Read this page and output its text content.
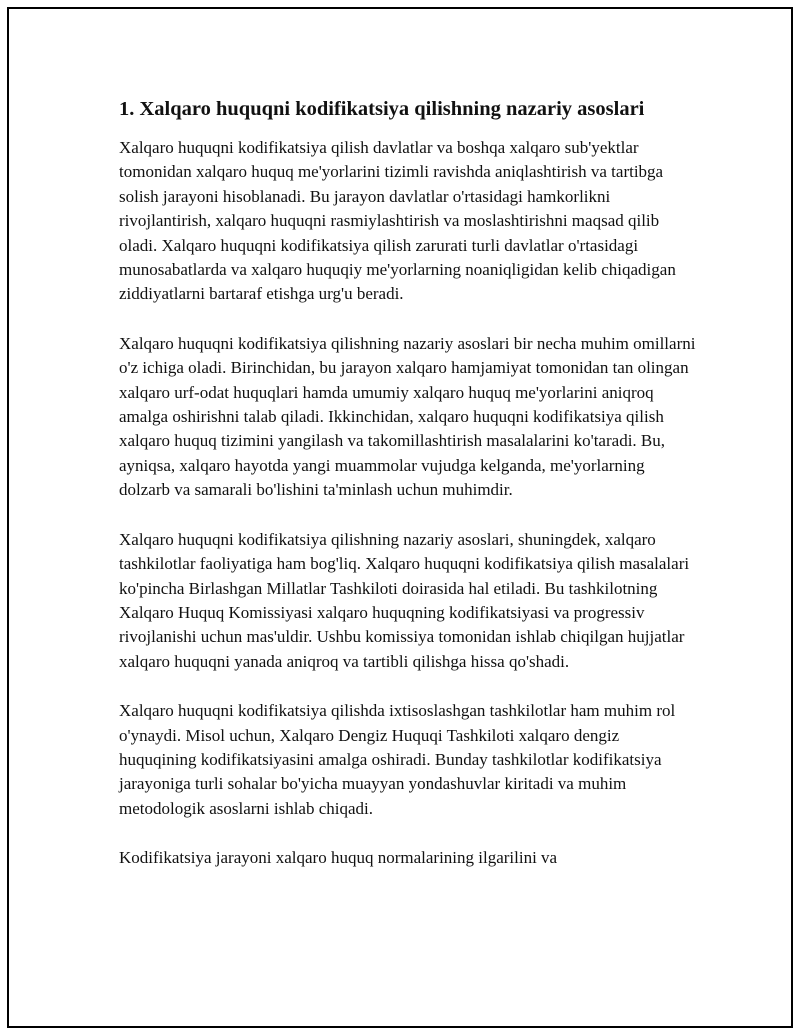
1. Xalqaro huquqni kodifikatsiya qilishning nazariy asoslari

Xalqaro huquqni kodifikatsiya qilish davlatlar va boshqa xalqaro sub'yektlar tomonidan xalqaro huquq me'yorlarini tizimli ravishda aniqlashtirish va tartibga solish jarayoni hisoblanadi. Bu jarayon davlatlar o'rtasidagi hamkorlikni rivojlantirish, xalqaro huquqni rasmiylashtirish va moslashtirishni maqsad qilib oladi. Xalqaro huquqni kodifikatsiya qilish zarurati turli davlatlar o'rtasidagi munosabatlarda va xalqaro huquqiy me'yorlarning noaniqligidan kelib chiqadigan ziddiyatlarni bartaraf etishga urg'u beradi.

Xalqaro huquqni kodifikatsiya qilishning nazariy asoslari bir necha muhim omillarni o'z ichiga oladi. Birinchidan, bu jarayon xalqaro hamjamiyat tomonidan tan olingan xalqaro urf-odat huquqlari hamda umumiy xalqaro huquq me'yorlarini aniqroq amalga oshirishni talab qiladi. Ikkinchidan, xalqaro huquqni kodifikatsiya qilish xalqaro huquq tizimini yangilash va takomillashtirish masalalarini ko'taradi. Bu, ayniqsa, xalqaro hayotda yangi muammolar vujudga kelganda, me'yorlarning dolzarb va samarali bo'lishini ta'minlash uchun muhimdir.

Xalqaro huquqni kodifikatsiya qilishning nazariy asoslari, shuningdek, xalqaro tashkilotlar faoliyatiga ham bog'liq. Xalqaro huquqni kodifikatsiya qilish masalalari ko'pincha Birlashgan Millatlar Tashkiloti doirasida hal etiladi. Bu tashkilotning Xalqaro Huquq Komissiyasi xalqaro huquqning kodifikatsiyasi va progressiv rivojlanishi uchun mas'uldir. Ushbu komissiya tomonidan ishlab chiqilgan hujjatlar xalqaro huquqni yanada aniqroq va tartibli qilishga hissa qo'shadi.

Xalqaro huquqni kodifikatsiya qilishda ixtisoslashgan tashkilotlar ham muhim rol o'ynaydi. Misol uchun, Xalqaro Dengiz Huquqi Tashkiloti xalqaro dengiz huquqining kodifikatsiyasini amalga oshiradi. Bunday tashkilotlar kodifikatsiya jarayoniga turli sohalar bo'yicha muayyan yondashuvlar kiritadi va muhim metodologik asoslarni ishlab chiqadi.

Kodifikatsiya jarayoni xalqaro huquq normalarining ilgarilini va
